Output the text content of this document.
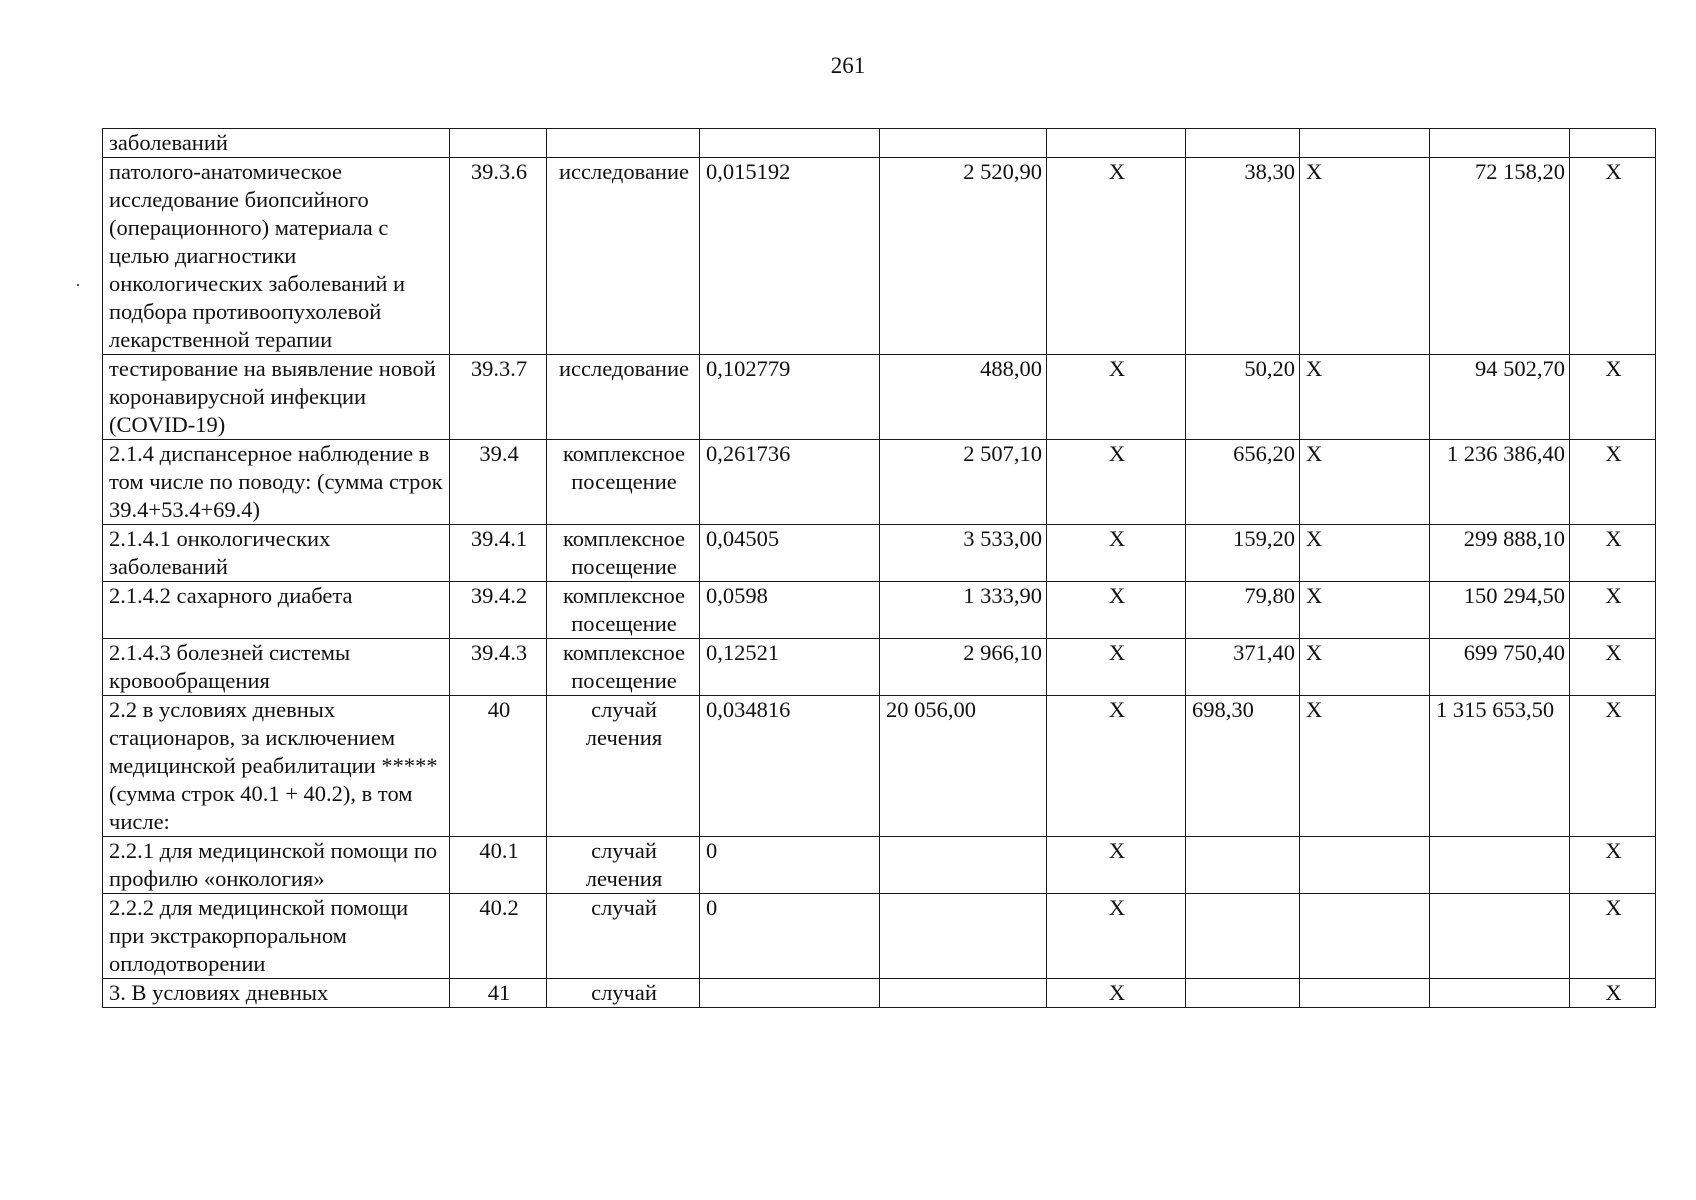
261
заболеваний									
патолого-анатомическое исследование биопсийного (операционного) материала с целью диагностики онкологических заболеваний и подбора противоопухолевой лекарственной терапии	39.3.6	исследование	0,015192	2 520,90	Х	38,30	Х	72 158,20	Х
тестирование на выявление новой коронавирусной инфекции (COVID-19)	39.3.7	исследование	0,102779	488,00	Х	50,20	Х	94 502,70	Х
2.1.4 диспансерное наблюдение в том числе по поводу: (сумма строк 39.4+53.4+69.4)	39.4	комплексное посещение	0,261736	2 507,10	Х	656,20	Х	1 236 386,40	Х
2.1.4.1 онкологических заболеваний	39.4.1	комплексное посещение	0,04505	3 533,00	Х	159,20	Х	299 888,10	Х
2.1.4.2 сахарного диабета	39.4.2	комплексное посещение	0,0598	1 333,90	Х	79,80	Х	150 294,50	Х
2.1.4.3 болезней системы кровообращения	39.4.3	комплексное посещение	0,12521	2 966,10	Х	371,40	Х	699 750,40	Х
2.2 в условиях дневных стационаров, за исключением медицинской реабилитации ***** (сумма строк 40.1 + 40.2), в том числе:	40	случай лечения	0,034816	20 056,00	Х	698,30	Х	1 315 653,50	Х
2.2.1 для медицинской помощи по профилю «онкология»	40.1	случай лечения	0		Х				Х
2.2.2 для медицинской помощи при экстракорпоральном оплодотворении	40.2	случай	0		Х				Х
3. В условиях дневных	41	случай			Х				Х
